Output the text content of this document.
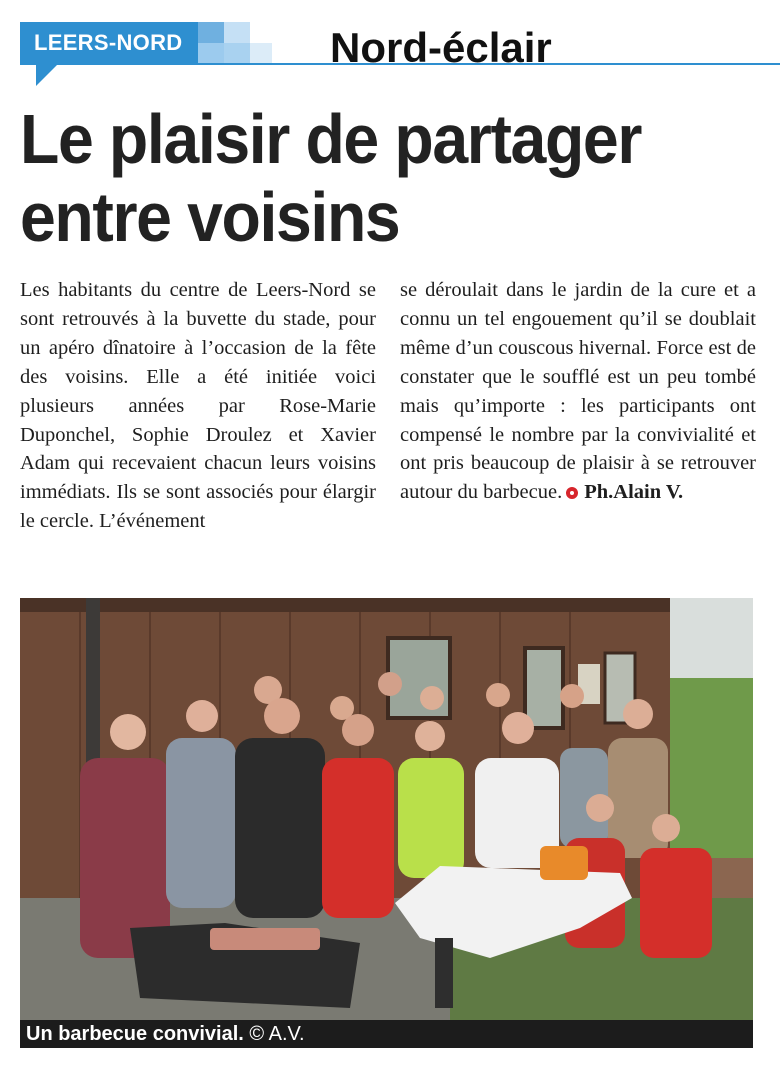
LEERS-NORD	Nord-éclair
Le plaisir de partager
entre voisins
Les habitants du centre de Leers-Nord se sont retrouvés à la buvette du stade, pour un apéro dînatoire à l’occasion de la fête des voisins. Elle a été initiée voici plusieurs années par Rose-Marie Duponchel, Sophie Droulez et Xavier Adam qui recevaient chacun leurs voisins immédiats. Ils se sont associés pour élargir le cercle. L’événement
se déroulait dans le jardin de la cure et a connu un tel engouement qu’il se doublait même d’un couscous hivernal. Force est de constater que le soufflé est un peu tombé mais qu’importe : les participants ont compensé le nombre par la convivialité et ont pris beaucoup de plaisir à se retrouver autour du barbecue. Ph.Alain V.
Un barbecue convivial. © A.V.
